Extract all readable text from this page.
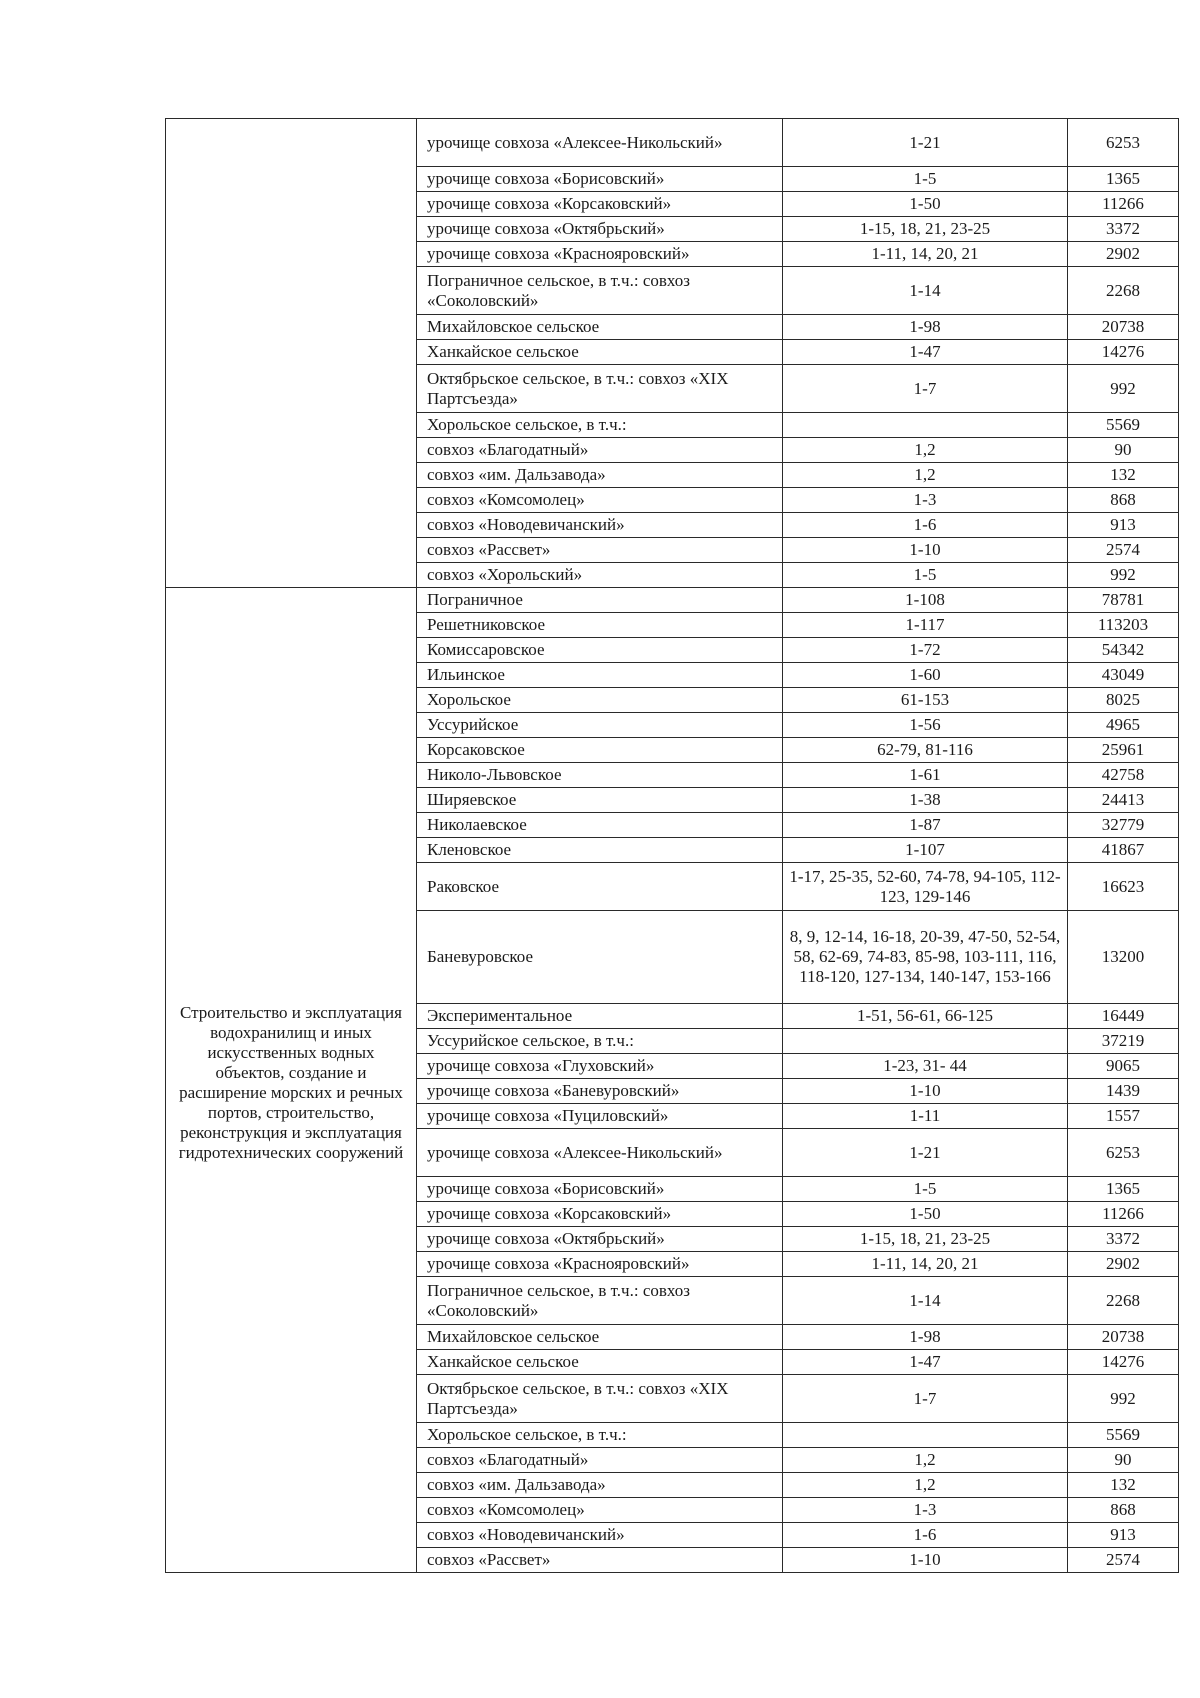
	урочище совхоза «Алексее-Никольский»	1-21	6253
	урочище совхоза «Борисовский»	1-5	1365
	урочище совхоза «Корсаковский»	1-50	11266
	урочище совхоза «Октябрьский»	1-15, 18, 21, 23-25	3372
	урочище совхоза «Краснояровский»	1-11, 14, 20, 21	2902
	Пограничное сельское, в т.ч.: совхоз «Соколовский»	1-14	2268
	Михайловское сельское	1-98	20738
	Ханкайское сельское	1-47	14276
	Октябрьское сельское, в т.ч.: совхоз «XIX Партсъезда»	1-7	992
	Хорольское сельское, в т.ч.:		5569
	совхоз «Благодатный»	1,2	90
	совхоз «им. Дальзавода»	1,2	132
	совхоз «Комсомолец»	1-3	868
	совхоз «Новодевичанский»	1-6	913
	совхоз «Рассвет»	1-10	2574
	совхоз «Хорольский»	1-5	992

Строительство и эксплуатация водохранилищ и иных искусственных водных объектов, создание и расширение морских и речных портов, строительство, реконструкция и эксплуатация гидротехнических сооружений	Пограничное	1-108	78781
	Решетниковское	1-117	113203
	Комиссаровское	1-72	54342
	Ильинское	1-60	43049
	Хорольское	61-153	8025
	Уссурийское	1-56	4965
	Корсаковское	62-79, 81-116	25961
	Николо-Львовское	1-61	42758
	Ширяевское	1-38	24413
	Николаевское	1-87	32779
	Кленовское	1-107	41867
	Раковское	1-17, 25-35, 52-60, 74-78, 94-105, 112-123, 129-146	16623
	Баневуровское	8, 9, 12-14, 16-18, 20-39, 47-50, 52-54, 58, 62-69, 74-83, 85-98, 103-111, 116, 118-120, 127-134, 140-147, 153-166	13200
	Экспериментальное	1-51, 56-61, 66-125	16449
	Уссурийское сельское, в т.ч.:		37219
	урочище совхоза «Глуховский»	1-23, 31- 44	9065
	урочище совхоза «Баневуровский»	1-10	1439
	урочище совхоза «Пуциловский»	1-11	1557
	урочище совхоза «Алексее-Никольский»	1-21	6253
	урочище совхоза «Борисовский»	1-5	1365
	урочище совхоза «Корсаковский»	1-50	11266
	урочище совхоза «Октябрьский»	1-15, 18, 21, 23-25	3372
	урочище совхоза «Краснояровский»	1-11, 14, 20, 21	2902
	Пограничное сельское, в т.ч.: совхоз «Соколовский»	1-14	2268
	Михайловское сельское	1-98	20738
	Ханкайское сельское	1-47	14276
	Октябрьское сельское, в т.ч.: совхоз «XIX Партсъезда»	1-7	992
	Хорольское сельское, в т.ч.:		5569
	совхоз «Благодатный»	1,2	90
	совхоз «им. Дальзавода»	1,2	132
	совхоз «Комсомолец»	1-3	868
	совхоз «Новодевичанский»	1-6	913
	совхоз «Рассвет»	1-10	2574
